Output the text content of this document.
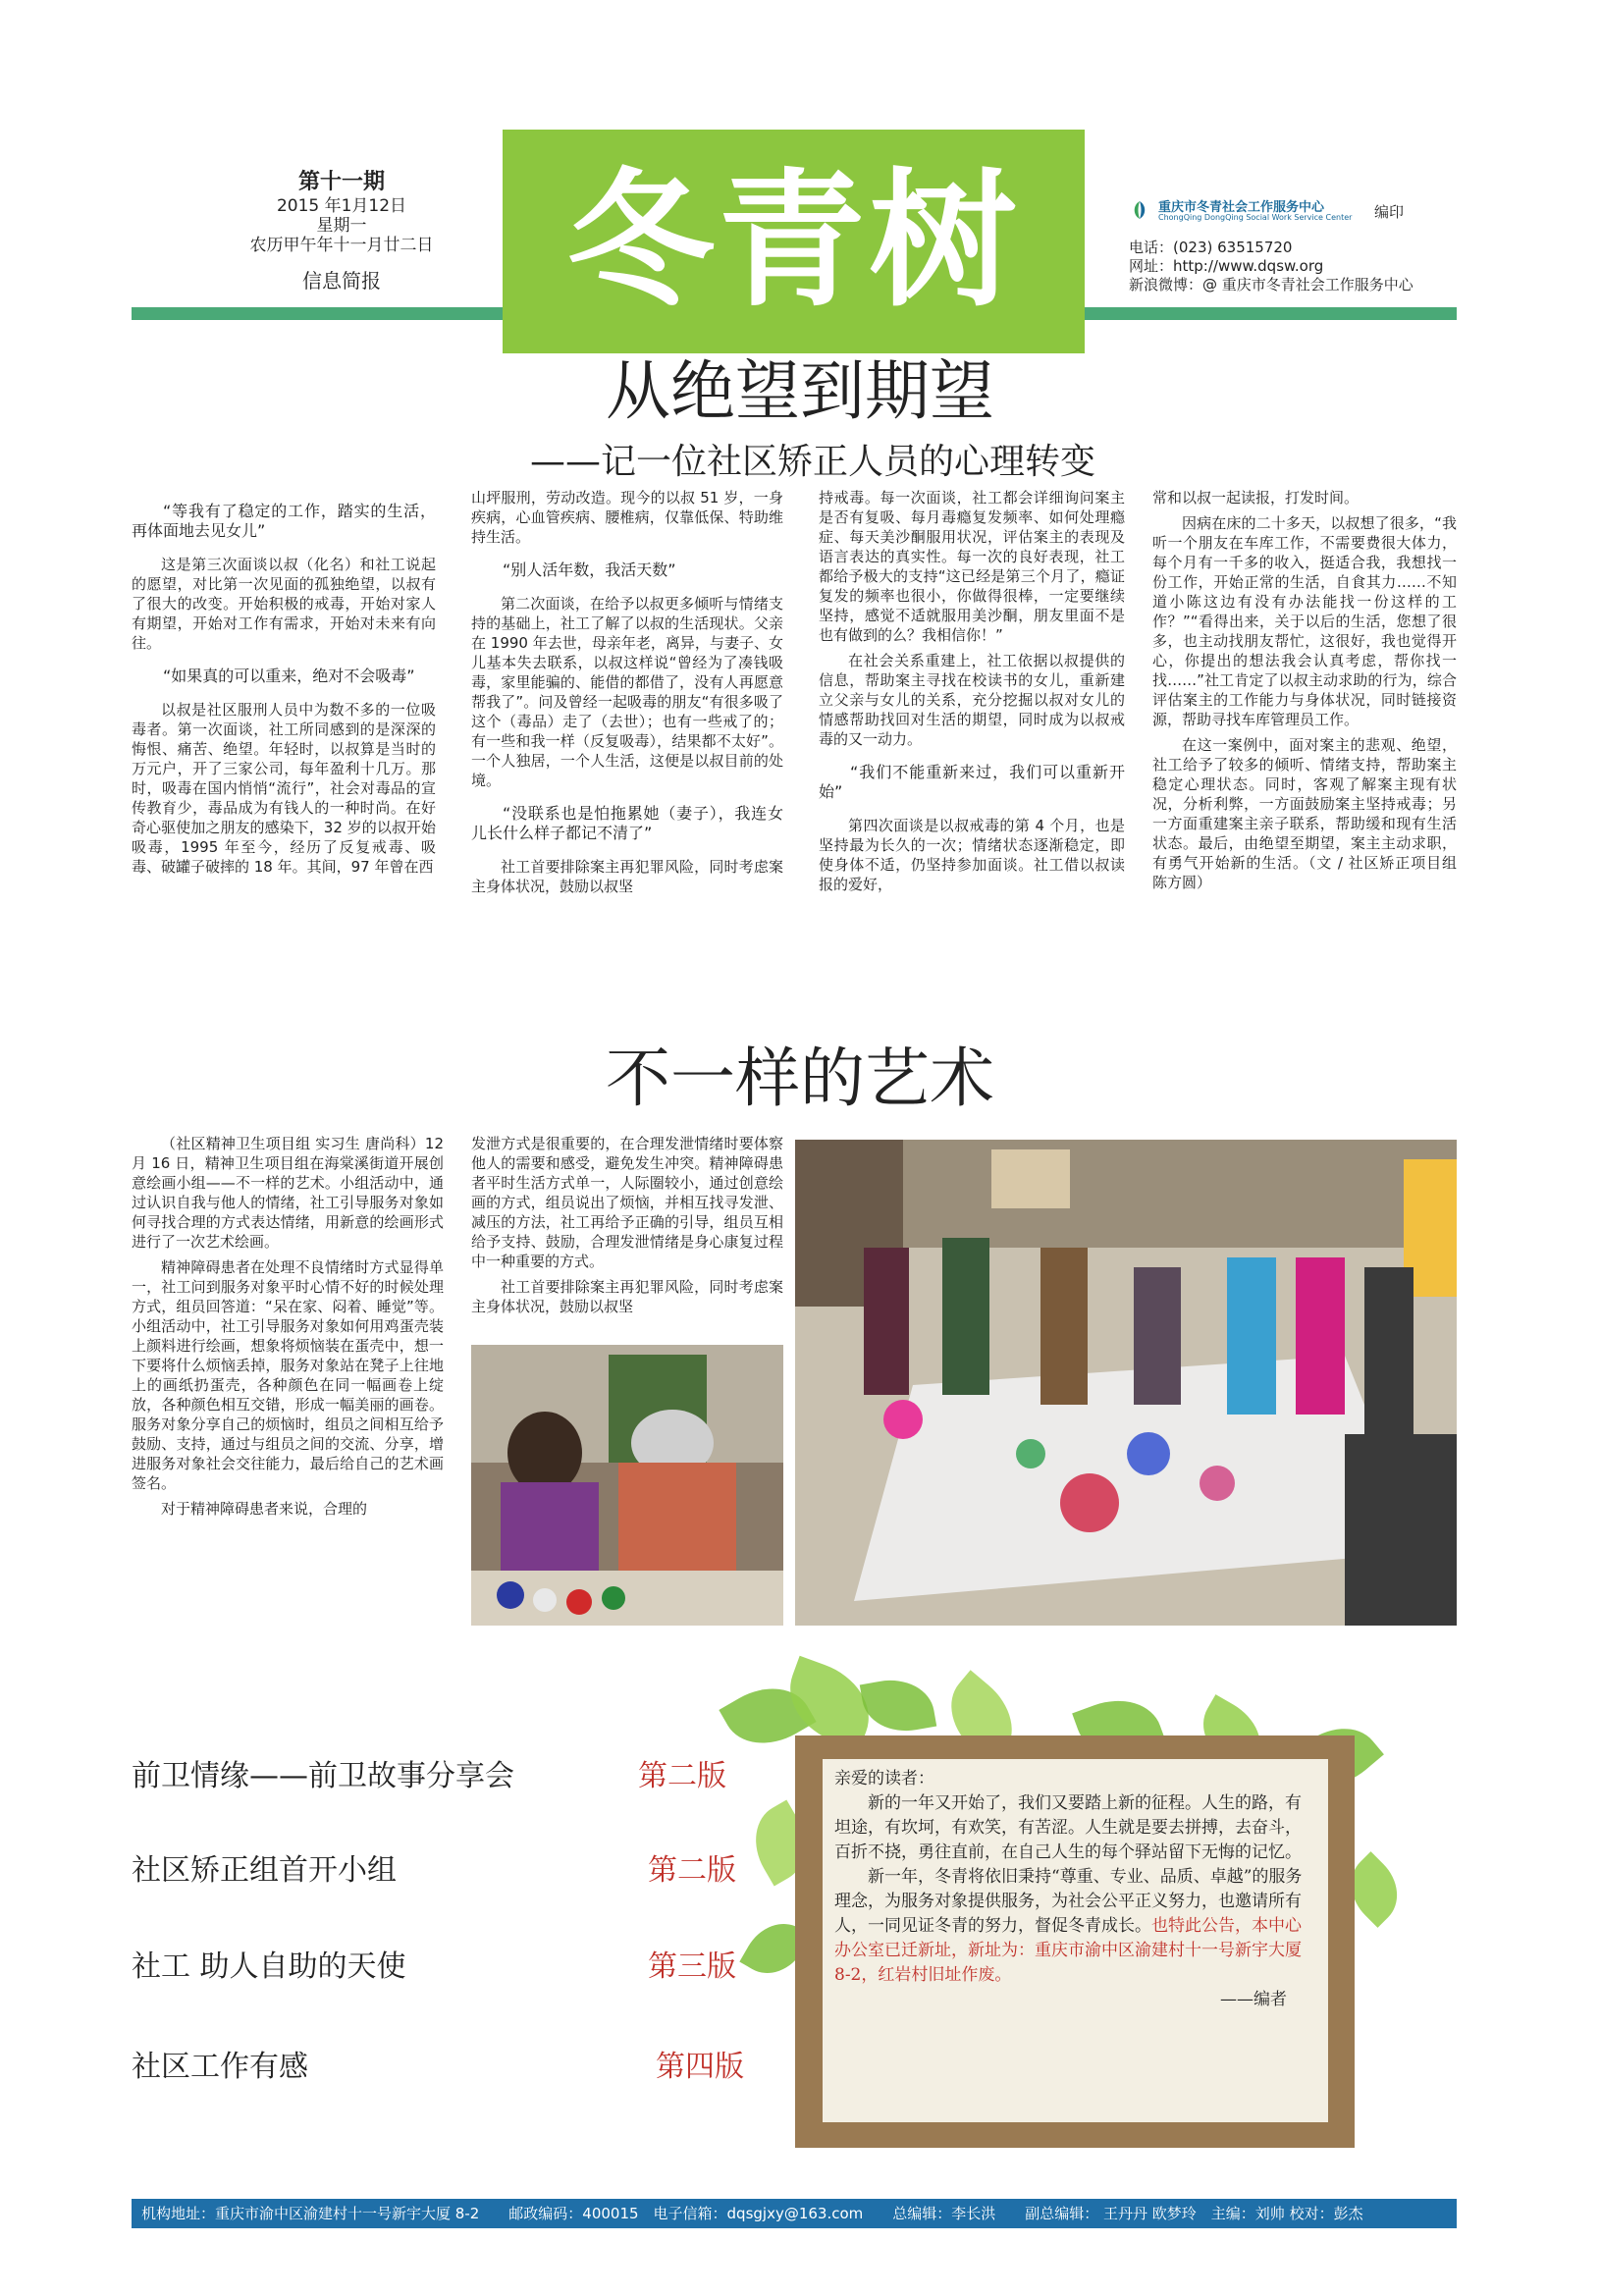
第十一期
2015 年1月12日
星期一
农历甲午年十一月廿二日
信息简报	冬青树	重庆市冬青社会工作服务中心
ChongQing DongQing Social Work Service Center 编印
电话：(023) 63515720
网址：http://www.dqsw.org
新浪微博：@ 重庆市冬青社会工作服务中心
从绝望到期望
——记一位社区矫正人员的心理转变
“等我有了稳定的工作，踏实的生活，再体面地去见女儿”

这是第三次面谈以叔（化名）和社工说起的愿望，对比第一次见面的孤独绝望，以叔有了很大的改变。开始积极的戒毒，开始对家人有期望，开始对工作有需求，开始对未来有向往。

“如果真的可以重来，绝对不会吸毒”

以叔是社区服刑人员中为数不多的一位吸毒者。第一次面谈，社工所同感到的是深深的悔恨、痛苦、绝望。年轻时，以叔算是当时的万元户，开了三家公司，每年盈利十几万。那时，吸毒在国内悄悄“流行”，社会对毒品的宣传教育少，毒品成为有钱人的一种时尚。在好奇心驱使加之朋友的感染下，32 岁的以叔开始吸毒，1995 年至今，经历了反复戒毒、吸毒、破罐子破摔的 18 年。其间，97 年曾在西

山坪服刑，劳动改造。现今的以叔 51 岁，一身疾病，心血管疾病、腰椎病，仅靠低保、特助维持生活。

“别人活年数，我活天数”

第二次面谈，在给予以叔更多倾听与情绪支持的基础上，社工了解了以叔的生活现状。父亲在 1990 年去世，母亲年老，离异，与妻子、女儿基本失去联系，以叔这样说“曾经为了凑钱吸毒，家里能骗的、能借的都借了，没有人再愿意帮我了”。问及曾经一起吸毒的朋友“有很多吸了这个（毒品）走了（去世）；也有一些戒了的；有一些和我一样（反复吸毒），结果都不太好”。一个人独居，一个人生活，这便是以叔目前的处境。

“没联系也是怕拖累她（妻子），我连女儿长什么样子都记不清了”

社工首要排除案主再犯罪风险，同时考虑案主身体状况，鼓励以叔坚

持戒毒。每一次面谈，社工都会详细询问案主是否有复吸、每月毒瘾复发频率、如何处理瘾症、每天美沙酮服用状况，评估案主的表现及语言表达的真实性。每一次的良好表现，社工都给予极大的支持“这已经是第三个月了，瘾证复发的频率也很小，你做得很棒，一定要继续坚持，感觉不适就服用美沙酮，朋友里面不是也有做到的么？我相信你！”

在社会关系重建上，社工依据以叔提供的信息，帮助案主寻找在校读书的女儿，重新建立父亲与女儿的关系，充分挖掘以叔对女儿的情感帮助找回对生活的期望，同时成为以叔戒毒的又一动力。

“我们不能重新来过，我们可以重新开始”

第四次面谈是以叔戒毒的第 4 个月，也是坚持最为长久的一次；情绪状态逐渐稳定，即使身体不适，仍坚持参加面谈。社工借以叔读报的爱好，

常和以叔一起读报，打发时间。

因病在床的二十多天，以叔想了很多，“我听一个朋友在车库工作，不需要费很大体力，每个月有一千多的收入，挺适合我，我想找一份工作，开始正常的生活，自食其力……不知道小陈这边有没有办法能找一份这样的工作？”“看得出来，关于以后的生活，您想了很多，也主动找朋友帮忙，这很好，我也觉得开心，你提出的想法我会认真考虑，帮你找一找……”社工肯定了以叔主动求助的行为，综合评估案主的工作能力与身体状况，同时链接资源，帮助寻找车库管理员工作。

在这一案例中，面对案主的悲观、绝望，社工给予了较多的倾听、情绪支持，帮助案主稳定心理状态。同时，客观了解案主现有状况，分析利弊，一方面鼓励案主坚持戒毒；另一方面重建案主亲子联系，帮助缓和现有生活状态。最后，由绝望至期望，案主主动求职，有勇气开始新的生活。（文 / 社区矫正项目组 陈方圆）

不一样的艺术

（社区精神卫生项目组 实习生 唐尚科）12 月 16 日，精神卫生项目组在海棠溪街道开展创意绘画小组——不一样的艺术。小组活动中，通过认识自我与他人的情绪，社工引导服务对象如何寻找合理的方式表达情绪，用新意的绘画形式进行了一次艺术绘画。

精神障碍患者在处理不良情绪时方式显得单一，社工问到服务对象平时心情不好的时候处理方式，组员回答道：“呆在家、闷着、睡觉”等。小组活动中，社工引导服务对象如何用鸡蛋壳装上颜料进行绘画，想象将烦恼装在蛋壳中，想一下要将什么烦恼丢掉，服务对象站在凳子上往地上的画纸扔蛋壳，各种颜色在同一幅画卷上绽放，各种颜色相互交错，形成一幅美丽的画卷。服务对象分享自己的烦恼时，组员之间相互给予鼓励、支持，通过与组员之间的交流、分享，增进服务对象社会交往能力，最后给自己的艺术画签名。

对于精神障碍患者来说，合理的

发泄方式是很重要的，在合理发泄情绪时要体察他人的需要和感受，避免发生冲突。精神障碍患者平时生活方式单一，人际圈较小，通过创意绘画的方式，组员说出了烦恼，并相互找寻发泄、减压的方法，社工再给予正确的引导，组员互相给予支持、鼓励，合理发泄情绪是身心康复过程中一种重要的方式。

社工首要排除案主再犯罪风险，同时考虑案主身体状况，鼓励以叔坚

前卫情缘——前卫故事分享会	第二版
社区矫正组首开小组	第二版
社工 助人自助的天使	第三版
社区工作有感	第四版
亲爱的读者：

新的一年又开始了，我们又要踏上新的征程。人生的路，有坦途，有坎坷，有欢笑，有苦涩。人生就是要去拼搏，去奋斗，百折不挠，勇往直前，在自己人生的每个驿站留下无悔的记忆。

新一年，冬青将依旧秉持“尊重、专业、品质、卓越”的服务理念，为服务对象提供服务，为社会公平正义努力，也邀请所有人，一同见证冬青的努力，督促冬青成长。也特此公告，本中心办公室已迁新址，新址为：重庆市渝中区渝建村十一号新宇大厦 8-2，红岩村旧址作废。

——编者
机构地址：重庆市渝中区渝建村十一号新宇大厦 8-2　　邮政编码：400015　电子信箱：dqsgjxy@163.com　　总编辑：李长洪　　副总编辑： 王丹丹 欧梦玲　主编：刘帅 校对：彭杰
